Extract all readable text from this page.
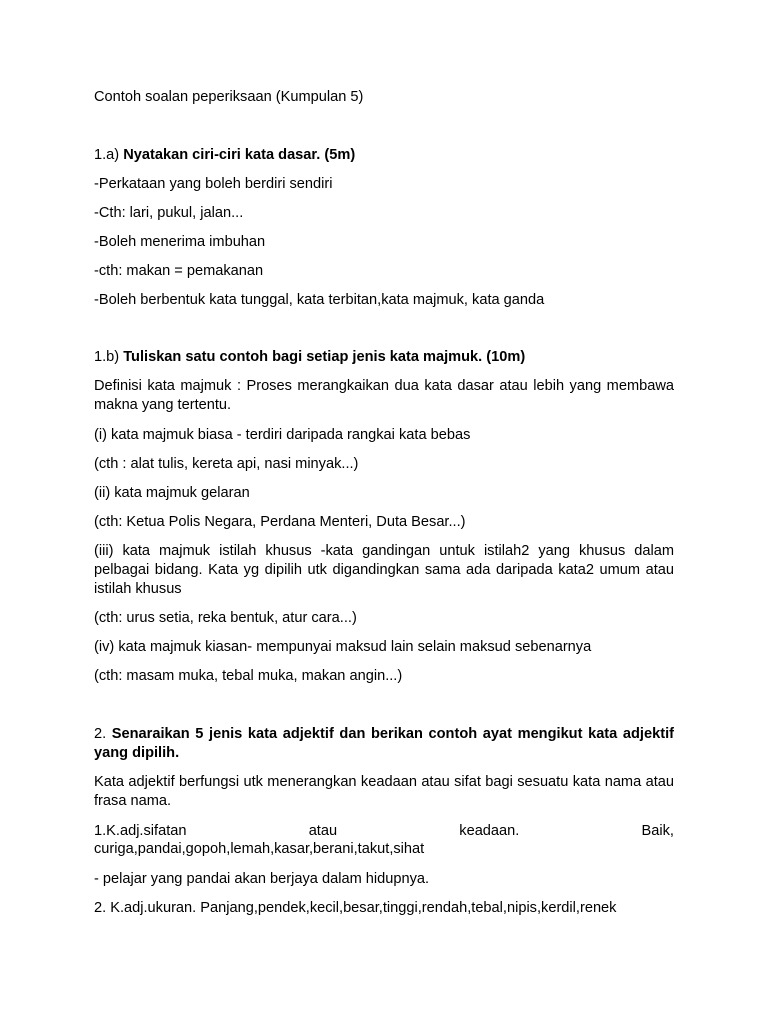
Contoh soalan peperiksaan (Kumpulan 5)
1.a) Nyatakan ciri-ciri kata dasar. (5m)
-Perkataan yang boleh berdiri sendiri
-Cth: lari, pukul, jalan...
-Boleh menerima imbuhan
-cth: makan = pemakanan
-Boleh berbentuk kata tunggal, kata terbitan,kata majmuk, kata ganda
1.b) Tuliskan satu contoh bagi setiap jenis kata majmuk. (10m)
Definisi kata majmuk : Proses merangkaikan dua kata dasar atau lebih yang membawa makna yang tertentu.
(i) kata majmuk biasa - terdiri daripada rangkai kata bebas
(cth : alat tulis, kereta api, nasi minyak...)
(ii) kata majmuk gelaran
(cth: Ketua Polis Negara, Perdana Menteri, Duta Besar...)
(iii) kata majmuk istilah khusus -kata gandingan untuk istilah2 yang khusus dalam pelbagai bidang. Kata yg dipilih utk digandingkan sama ada daripada kata2 umum atau istilah khusus
(cth: urus setia, reka bentuk, atur cara...)
(iv) kata majmuk kiasan- mempunyai maksud lain selain maksud sebenarnya
(cth: masam muka, tebal muka, makan angin...)
2. Senaraikan 5 jenis kata adjektif dan berikan contoh ayat mengikut kata adjektif yang dipilih.
Kata adjektif berfungsi utk menerangkan keadaan atau sifat bagi sesuatu kata nama atau frasa nama.
1.K.adj.sifatan	atau	keadaan.	Baik,
curiga,pandai,gopoh,lemah,kasar,berani,takut,sihat
- pelajar yang pandai akan berjaya dalam hidupnya.
2. K.adj.ukuran. Panjang,pendek,kecil,besar,tinggi,rendah,tebal,nipis,kerdil,renek
